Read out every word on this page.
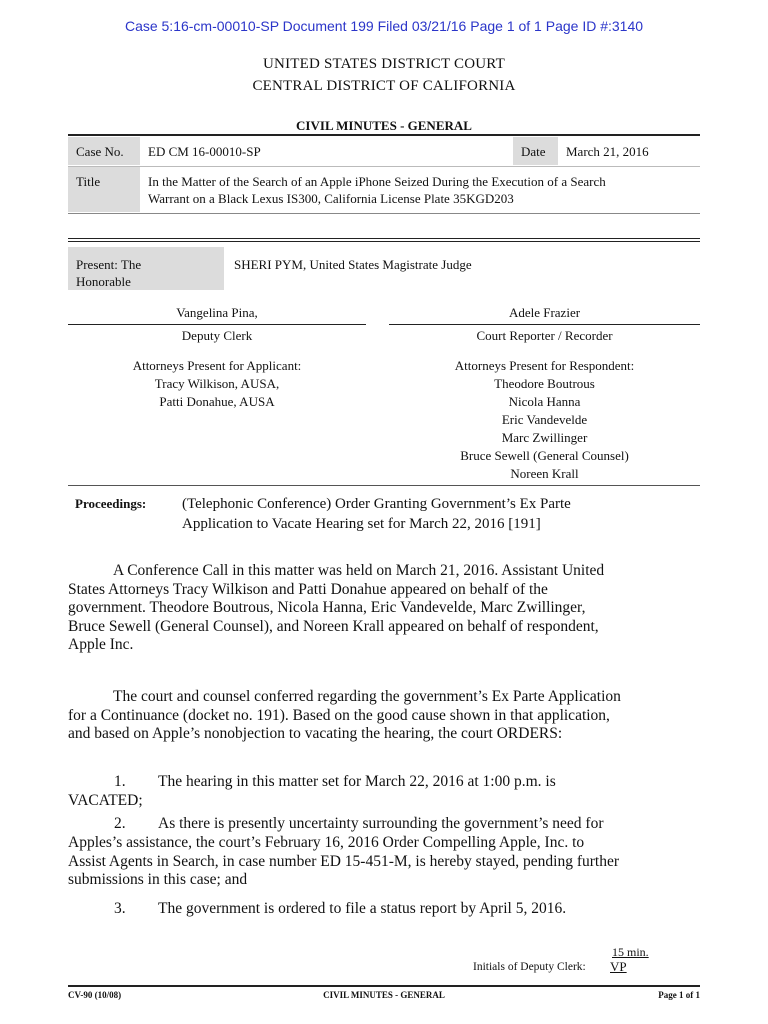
Case 5:16-cm-00010-SP Document 199 Filed 03/21/16 Page 1 of 1 Page ID #:3140
UNITED STATES DISTRICT COURT
CENTRAL DISTRICT OF CALIFORNIA
CIVIL MINUTES - GENERAL
Case No. ED CM 16-00010-SP	Date March 21, 2016
Title	In the Matter of the Search of an Apple iPhone Seized During the Execution of a Search
Warrant on a Black Lexus IS300, California License Plate 35KGD203
Present: The
Honorable
SHERI PYM, United States Magistrate Judge
Vangelina Pina,
Deputy Clerk
Adele Frazier
Court Reporter / Recorder
Attorneys Present for Applicant:
Tracy Wilkison, AUSA,
Patti Donahue, AUSA
Attorneys Present for Respondent:
Theodore Boutrous
Nicola Hanna
Eric Vandevelde
Marc Zwillinger
Bruce Sewell (General Counsel)
Noreen Krall
Proceedings: (Telephonic Conference) Order Granting Government’s Ex Parte
Application to Vacate Hearing set for March 22, 2016 [191]
A Conference Call in this matter was held on March 21, 2016. Assistant United
States Attorneys Tracy Wilkison and Patti Donahue appeared on behalf of the
government. Theodore Boutrous, Nicola Hanna, Eric Vandevelde, Marc Zwillinger,
Bruce Sewell (General Counsel), and Noreen Krall appeared on behalf of respondent,
Apple Inc.
The court and counsel conferred regarding the government’s Ex Parte Application
for a Continuance (docket no. 191). Based on the good cause shown in that application,
and based on Apple’s nonobjection to vacating the hearing, the court ORDERS:
1. The hearing in this matter set for March 22, 2016 at 1:00 p.m. is
VACATED;
2. As there is presently uncertainty surrounding the government’s need for
Apples’s assistance, the court’s February 16, 2016 Order Compelling Apple, Inc. to
Assist Agents in Search, in case number ED 15-451-M, is hereby stayed, pending further
submissions in this case; and
3. The government is ordered to file a status report by April 5, 2016.
15 min.
Initials of Deputy Clerk: VP
CV-90 (10/08)	CIVIL MINUTES - GENERAL	Page 1 of 1
